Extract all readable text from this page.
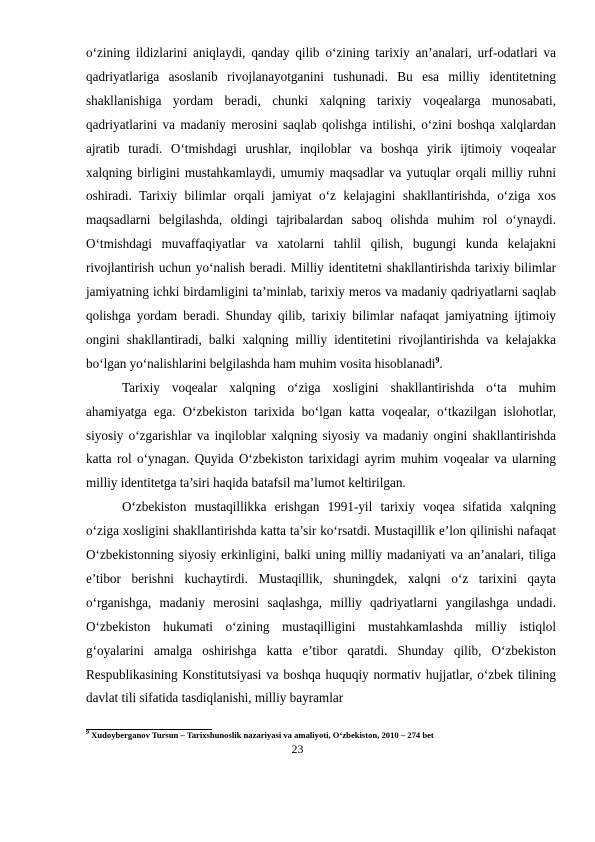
o‘zining ildizlarini aniqlaydi, qanday qilib o‘zining tarixiy an’analari, urf-odatlari va qadriyatlariga asoslanib rivojlanayotganini tushunadi. Bu esa milliy identitetning shakllanishiga yordam beradi, chunki xalqning tarixiy voqealarga munosabati, qadriyatlarini va madaniy merosini saqlab qolishga intilishi, o‘zini boshqa xalqlardan ajratib turadi. O‘tmishdagi urushlar, inqiloblar va boshqa yirik ijtimoiy voqealar xalqning birligini mustahkamlaydi, umumiy maqsadlar va yutuqlar orqali milliy ruhni oshiradi. Tarixiy bilimlar orqali jamiyat o‘z kelajagini shakllantirishda, o‘ziga xos maqsadlarni belgilashda, oldingi tajribalardan saboq olishda muhim rol o‘ynaydi. O‘tmishdagi muvaffaqiyatlar va xatolarni tahlil qilish, bugungi kunda kelajakni rivojlantirish uchun yo‘nalish beradi. Milliy identitetni shakllantirishda tarixiy bilimlar jamiyatning ichki birdamligini ta’minlab, tarixiy meros va madaniy qadriyatlarni saqlab qolishga yordam beradi. Shunday qilib, tarixiy bilimlar nafaqat jamiyatning ijtimoiy ongini shakllantiradi, balki xalqning milliy identitetini rivojlantirishda va kelajakka bo‘lgan yo‘nalishlarini belgilashda ham muhim vosita hisoblanadi$^9$.

Tarixiy voqealar xalqning o‘ziga xosligini shakllantirishda o‘ta muhim ahamiyatga ega. O‘zbekiston tarixida bo‘lgan katta voqealar, o‘tkazilgan islohotlar, siyosiy o‘zgarishlar va inqiloblar xalqning siyosiy va madaniy ongini shakllantirishda katta rol o‘ynagan. Quyida O‘zbekiston tarixidagi ayrim muhim voqealar va ularning milliy identitetga ta’siri haqida batafsil ma’lumot keltirilgan.

O‘zbekiston mustaqillikka erishgan 1991-yil tarixiy voqea sifatida xalqning o‘ziga xosligini shakllantirishda katta ta’sir ko‘rsatdi. Mustaqillik e’lon qilinishi nafaqat O‘zbekistonning siyosiy erkinligini, balki uning milliy madaniyati va an’analari, tiliga e’tibor berishni kuchaytirdi. Mustaqillik, shuningdek, xalqni o‘z tarixini qayta o‘rganishga, madaniy merosini saqlashga, milliy qadriyatlarni yangilashga undadi. O‘zbekiston hukumati o‘zining mustaqilligini mustahkamlashda milliy istiqlol g‘oyalarini amalga oshirishga katta e’tibor qaratdi. Shunday qilib, O‘zbekiston Respublikasining Konstitutsiyasi va boshqa huquqiy normativ hujjatlar, o‘zbek tilining davlat tili sifatida tasdiqlanishi, milliy bayramlar

$^9$ Xudoyberganov Tursun – Tarixshunoslik nazariyasi va amaliyoti, O‘zbekiston, 2010 – 274 bet
23
